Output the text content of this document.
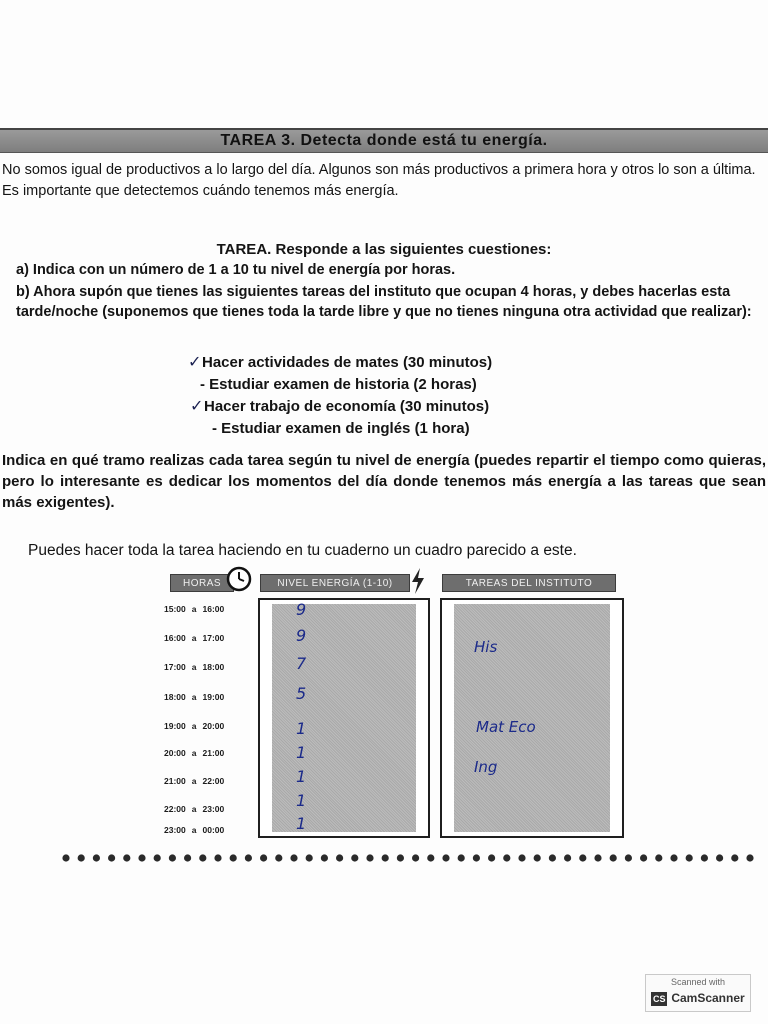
TAREA 3. Detecta donde está tu energía.

No somos igual de productivos a lo largo del día. Algunos son más productivos a primera hora y otros lo son a última. Es importante que detectemos cuándo tenemos más energía.

TAREA. Responde a las siguientes cuestiones:

a) Indica con un número de 1 a 10 tu nivel de energía por horas.

b) Ahora supón que tienes las siguientes tareas del instituto que ocupan 4 horas, y debes hacerlas esta tarde/noche (suponemos que tienes toda la tarde libre y que no tienes ninguna otra actividad que realizar):

✓ Hacer actividades de mates (30 minutos)
- Estudiar examen de historia (2 horas)
✓ Hacer trabajo de economía (30 minutos)
- Estudiar examen de inglés (1 hora)

Indica en qué tramo realizas cada tarea según tu nivel de energía (puedes repartir el tiempo como quieras, pero lo interesante es dedicar los momentos del día donde tenemos más energía a las tareas que sean más exigentes).

Puedes hacer toda la tarea haciendo en tu cuaderno un cuadro parecido a este.

HORAS	NIVEL ENERGÍA (1-10)	TAREAS DEL INSTITUTO
15:00 a 16:00
16:00 a 17:00
17:00 a 18:00
18:00 a 19:00
19:00 a 20:00
20:00 a 21:00
21:00 a 22:00
22:00 a 23:00
23:00 a 00:00
9
9
7
5
1
1
1
1
1
His
Mat Eco
Ing
Scanned with
CS CamScanner
